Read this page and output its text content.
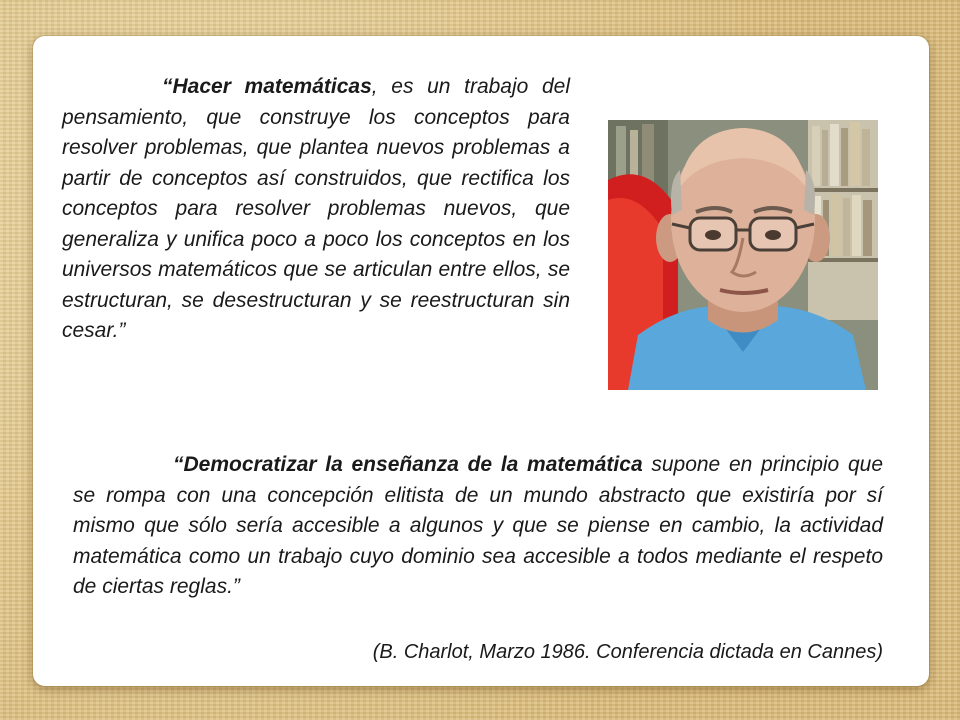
“Hacer matemáticas, es un trabajo del pensamiento, que construye los conceptos para resolver problemas, que plantea nuevos problemas a partir de conceptos así construidos, que rectifica los conceptos para resolver problemas nuevos, que generaliza y unifica poco a poco los conceptos en los universos matemáticos que se articulan entre ellos, se estructuran, se desestructuran y se reestructuran sin cesar.”

“Democratizar la enseñanza de la matemática supone en principio que se rompa con una concepción elitista de un mundo abstracto que existiría por sí mismo que sólo sería accesible a algunos y que se piense en cambio, la actividad matemática como un trabajo cuyo dominio sea accesible a todos mediante el respeto de ciertas reglas.”

(B. Charlot, Marzo 1986. Conferencia dictada en Cannes)
